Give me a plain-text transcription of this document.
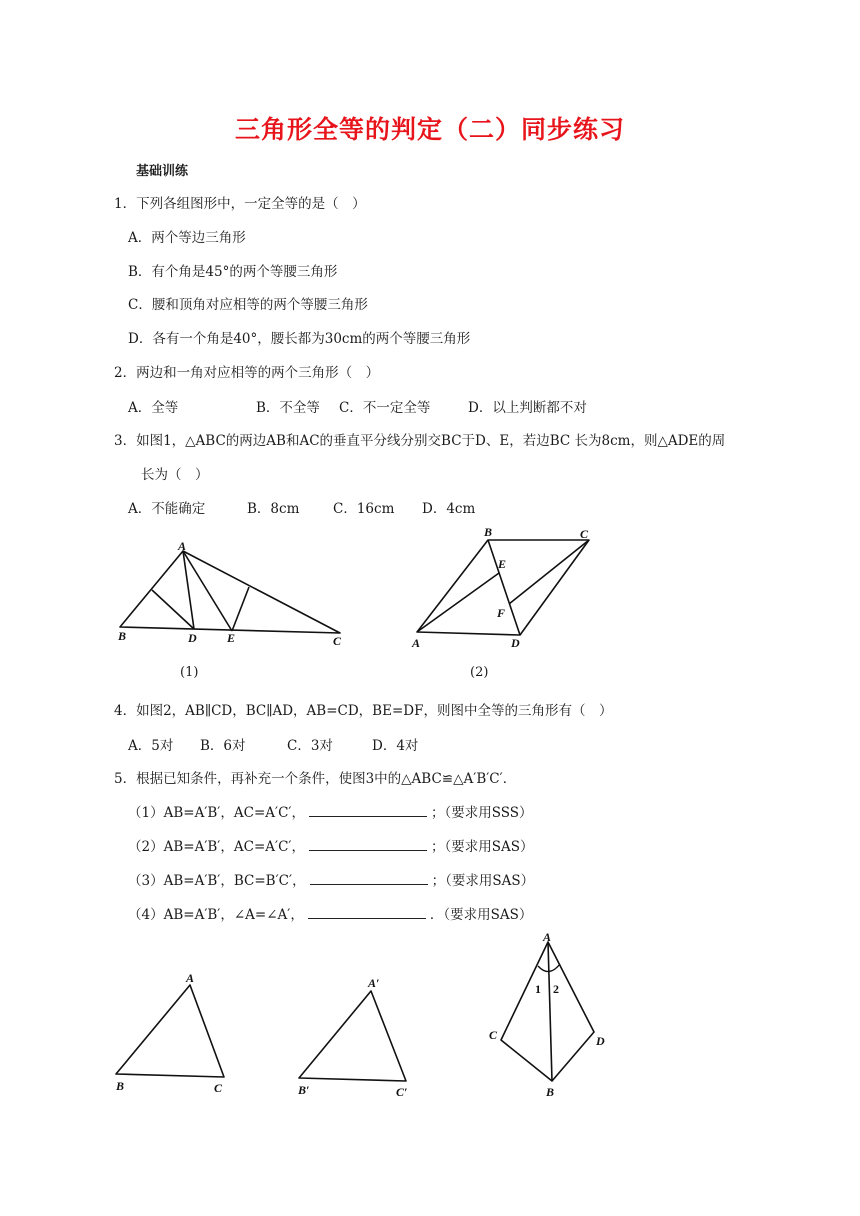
三角形全等的判定（二）同步练习
基础训练
1．下列各组图形中，一定全等的是（　）
A．两个等边三角形
B．有个角是45°的两个等腰三角形
C．腰和顶角对应相等的两个等腰三角形
D．各有一个角是40°，腰长都为30cm的两个等腰三角形
2．两边和一角对应相等的两个三角形（　）
A．全等	B．不全等 C．不一定全等	D．以上判断都不对
3．如图1，△ABC的两边AB和AC的垂直平分线分别交BC于D、E，若边BC 长为8cm，则△ADE的周
长为（　）
A．不能确定	B．8cm C．16cm D．4cm
A
B	D	E	C
(1)
B	C
E
F
A	D
(2)
4．如图2，AB∥CD，BC∥AD，AB=CD，BE=DF，则图中全等的三角形有（　）
A．5对 B．6对	C．3对	D．4对
5．根据已知条件，再补充一个条件，使图3中的△ABC≌△A′B′C′．
（1）AB=A′B′，AC=A′C′，	；（要求用SSS）
（2）AB=A′B′，AC=A′C′，	；（要求用SAS）
（3）AB=A′B′，BC=B′C′，	；（要求用SAS）
（4）AB=A′B′，∠A=∠A′，	．（要求用SAS）
A
B	C
A′
B′	C′
A
C	D
B
1 2
